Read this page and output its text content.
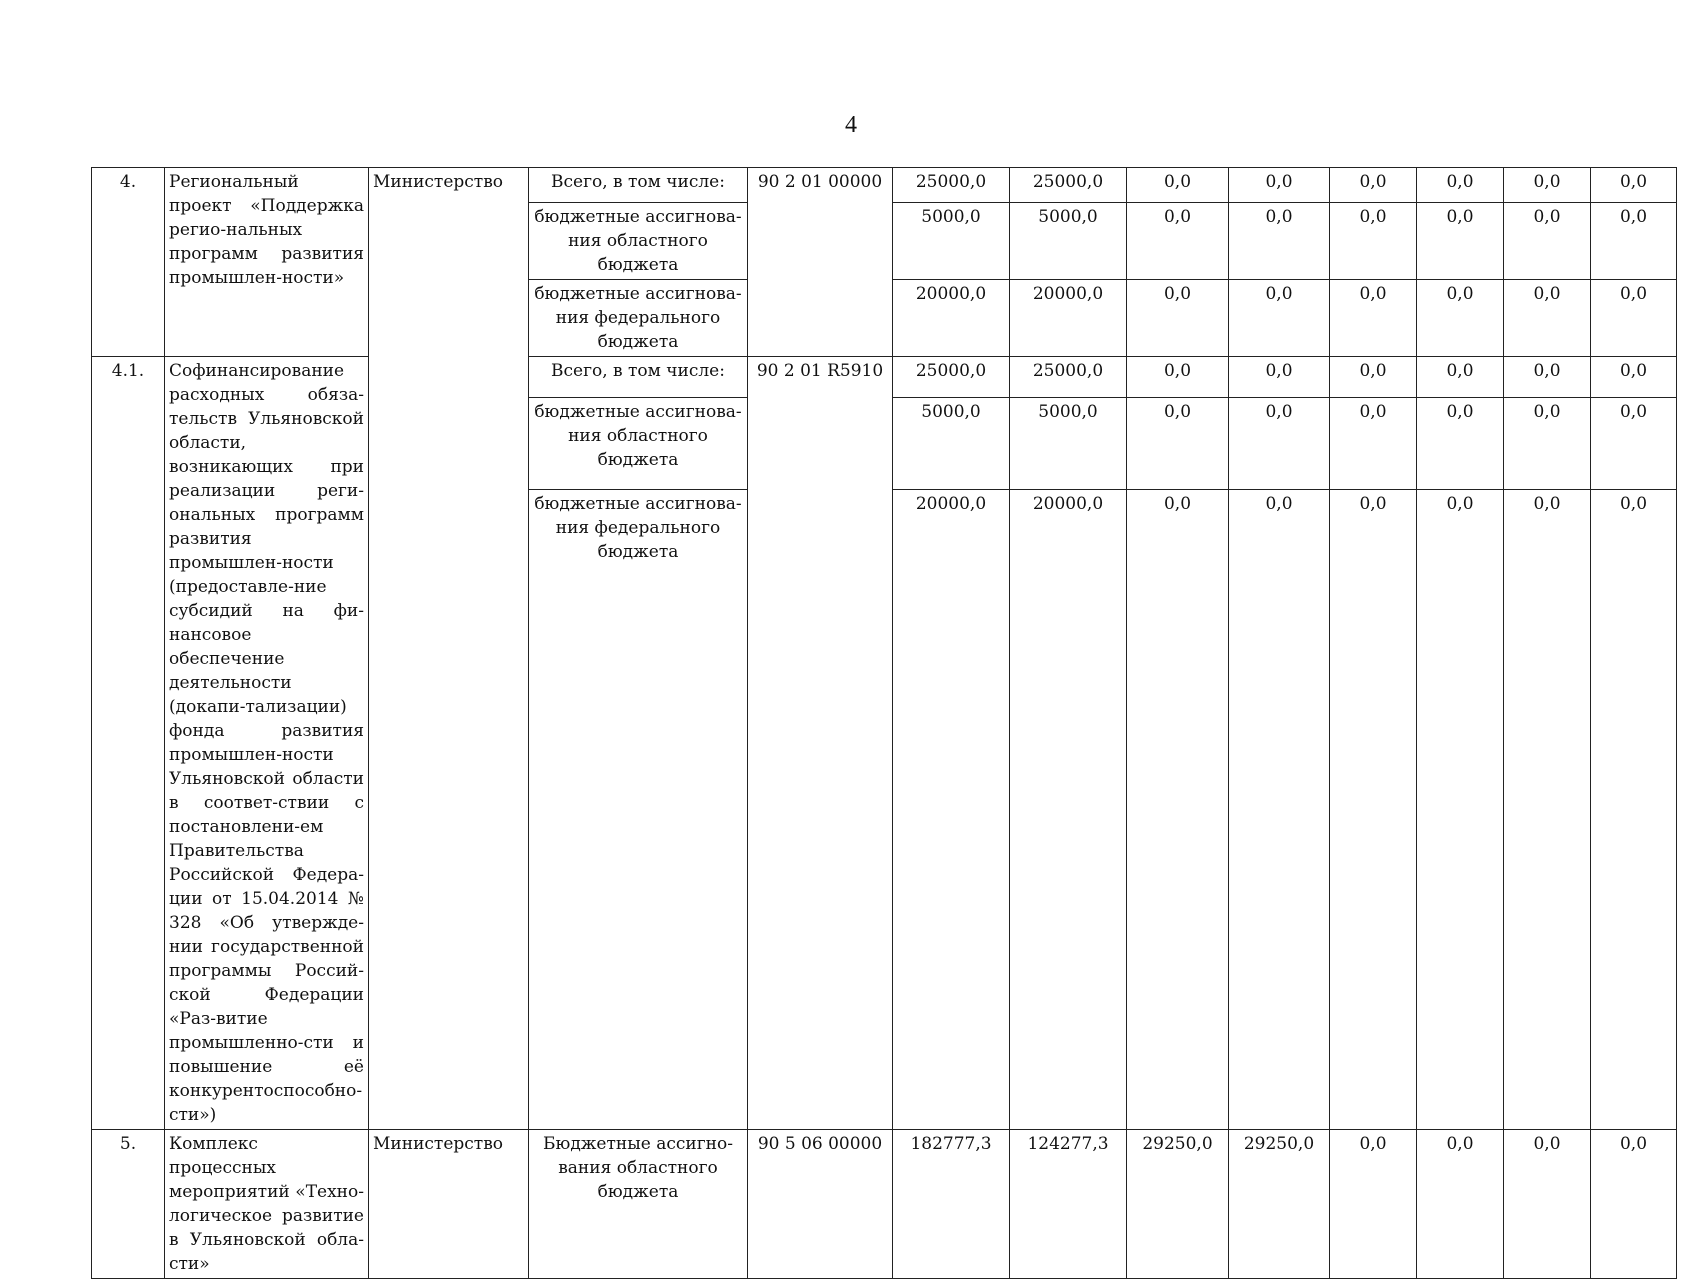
4
4.	Региональный проект «Поддержка регио-нальных программ развития промышлен-ности»	Министерство	Всего, в том числе:	90 2 01 00000	25000,0	25000,0	0,0	0,0	0,0	0,0	0,0	0,0
			бюджетные ассигнова-ния областного бюджета		5000,0	5000,0	0,0	0,0	0,0	0,0	0,0	0,0
			бюджетные ассигнова-ния федерального бюджета		20000,0	20000,0	0,0	0,0	0,0	0,0	0,0	0,0
4.1.	Софинансирование расходных обяза-тельств Ульяновской области, возникающих при реализации реги-ональных программ развития промышлен-ности (предоставле-ние субсидий на фи-нансовое обеспечение деятельности (докапи-тализации) фонда развития промышлен-ности Ульяновской области в соответ-ствии с постановлени-ем Правительства Российской Федера-ции от 15.04.2014 № 328 «Об утвержде-нии государственной программы Россий-ской Федерации «Раз-витие промышленно-сти и повышение её конкурентоспособно-сти»)		Всего, в том числе:	90 2 01 R5910	25000,0	25000,0	0,0	0,0	0,0	0,0	0,0	0,0
			бюджетные ассигнова-ния областного бюджета		5000,0	5000,0	0,0	0,0	0,0	0,0	0,0	0,0
			бюджетные ассигнова-ния федерального бюджета		20000,0	20000,0	0,0	0,0	0,0	0,0	0,0	0,0
5.	Комплекс процессных мероприятий «Техно-логическое развитие в Ульяновской обла-сти»	Министерство	Бюджетные ассигно-вания областного бюджета	90 5 06 00000	182777,3	124277,3	29250,0	29250,0	0,0	0,0	0,0	0,0
